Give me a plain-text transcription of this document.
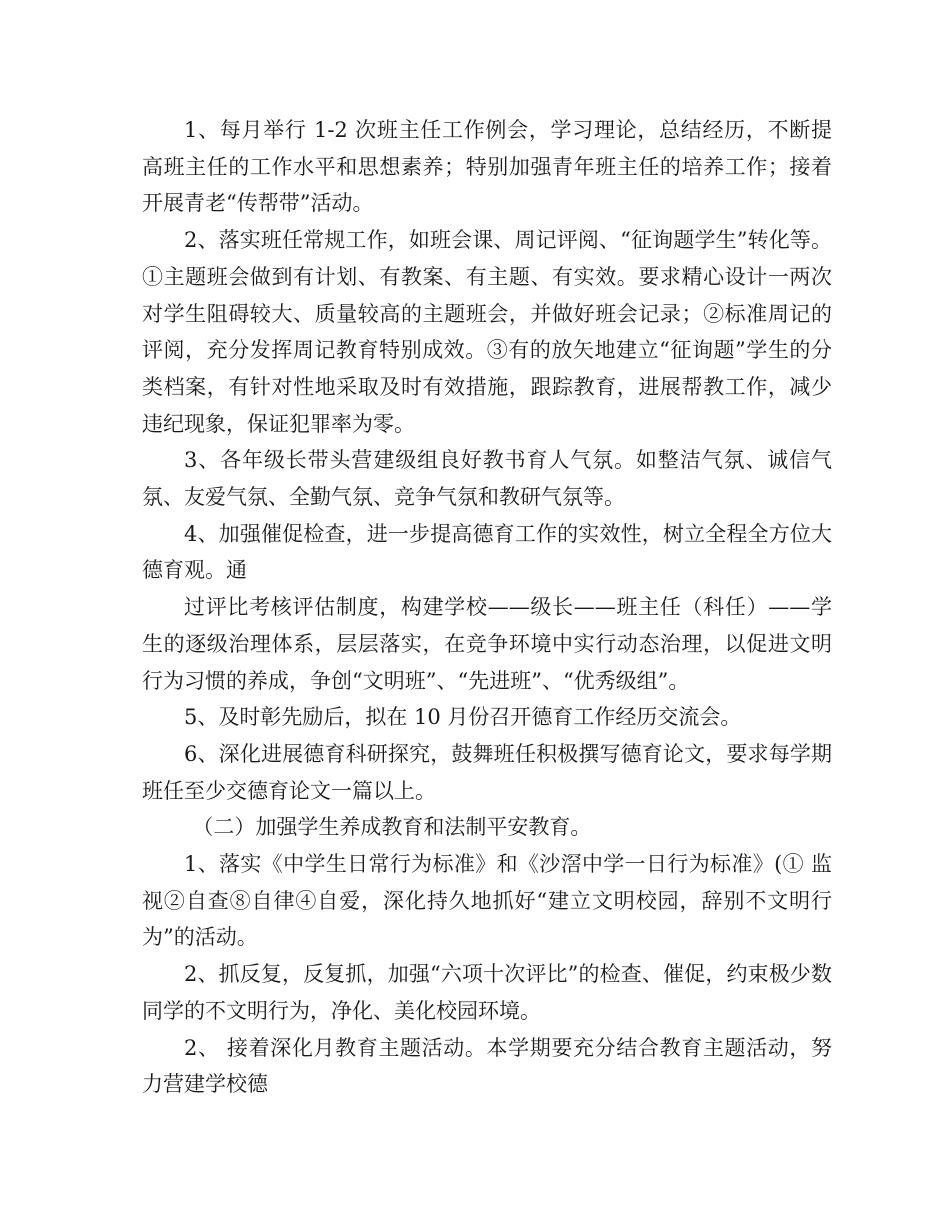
1、每月举行 1-2 次班主任工作例会，学习理论，总结经历，不断提高班主任的工作水平和思想素养；特别加强青年班主任的培养工作；接着开展青老“传帮带”活动。

2、落实班任常规工作，如班会课、周记评阅、“征询题学生”转化等。①主题班会做到有计划、有教案、有主题、有实效。要求精心设计一两次对学生阻碍较大、质量较高的主题班会，并做好班会记录；②标准周记的评阅，充分发挥周记教育特别成效。③有的放矢地建立“征询题”学生的分类档案，有针对性地采取及时有效措施，跟踪教育，进展帮教工作，减少违纪现象，保证犯罪率为零。

3、各年级长带头营建级组良好教书育人气氛。如整洁气氛、诚信气氛、友爱气氛、全勤气氛、竞争气氛和教研气氛等。

4、加强催促检查，进一步提高德育工作的实效性，树立全程全方位大德育观。通

过评比考核评估制度，构建学校——级长——班主任（科任）——学生的逐级治理体系，层层落实，在竞争环境中实行动态治理，以促进文明行为习惯的养成，争创“文明班”、“先进班”、“优秀级组”。

5、及时彰先励后，拟在 10 月份召开德育工作经历交流会。

6、深化进展德育科研探究，鼓舞班任积极撰写德育论文，要求每学期班任至少交德育论文一篇以上。

（二）加强学生养成教育和法制平安教育。

1、落实《中学生日常行为标准》和《沙滘中学一日行为标准》(① 监视②自查⑧自律④自爱，深化持久地抓好“建立文明校园，辞别不文明行为”的活动。

2、抓反复，反复抓，加强“六项十次评比”的检查、催促，约束极少数同学的不文明行为，净化、美化校园环境。

2、 接着深化月教育主题活动。本学期要充分结合教育主题活动，努力营建学校德
